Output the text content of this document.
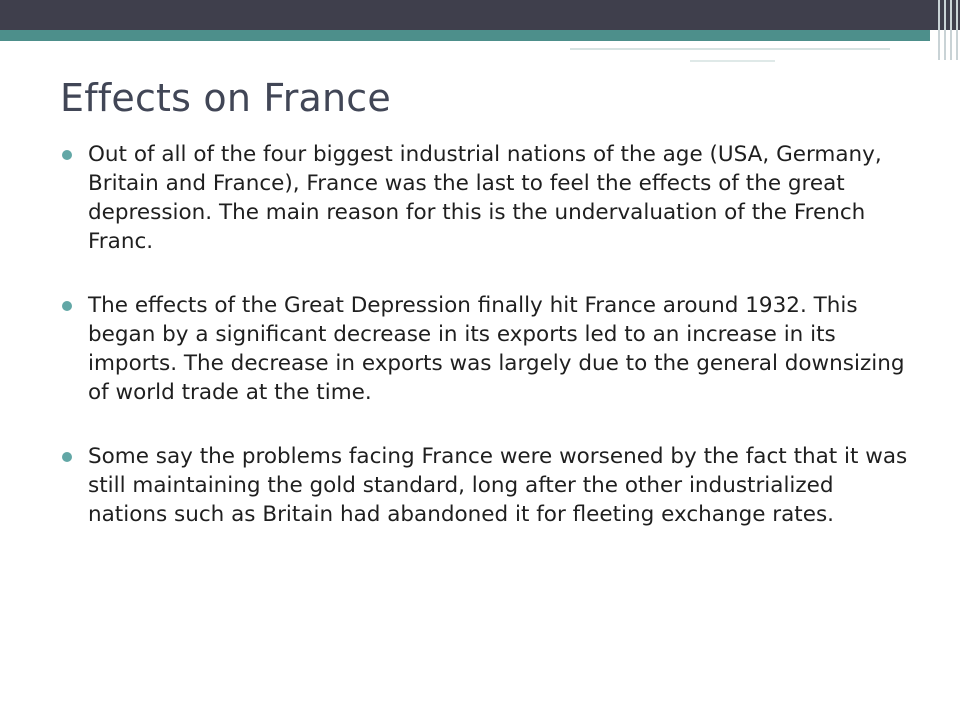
Effects on France
Out of all of the four biggest industrial nations of the age (USA, Germany, Britain and France), France was the last to feel the effects of the great depression. The main reason for this is the undervaluation of the French Franc.
The effects of the Great Depression finally hit France around 1932. This began by a significant decrease in its exports led to an increase in its imports. The decrease in exports was largely due to the general downsizing of world trade at the time.
Some say the problems facing France were worsened by the fact that it was still maintaining the gold standard, long after the other industrialized nations such as Britain had abandoned it for fleeting exchange rates.
